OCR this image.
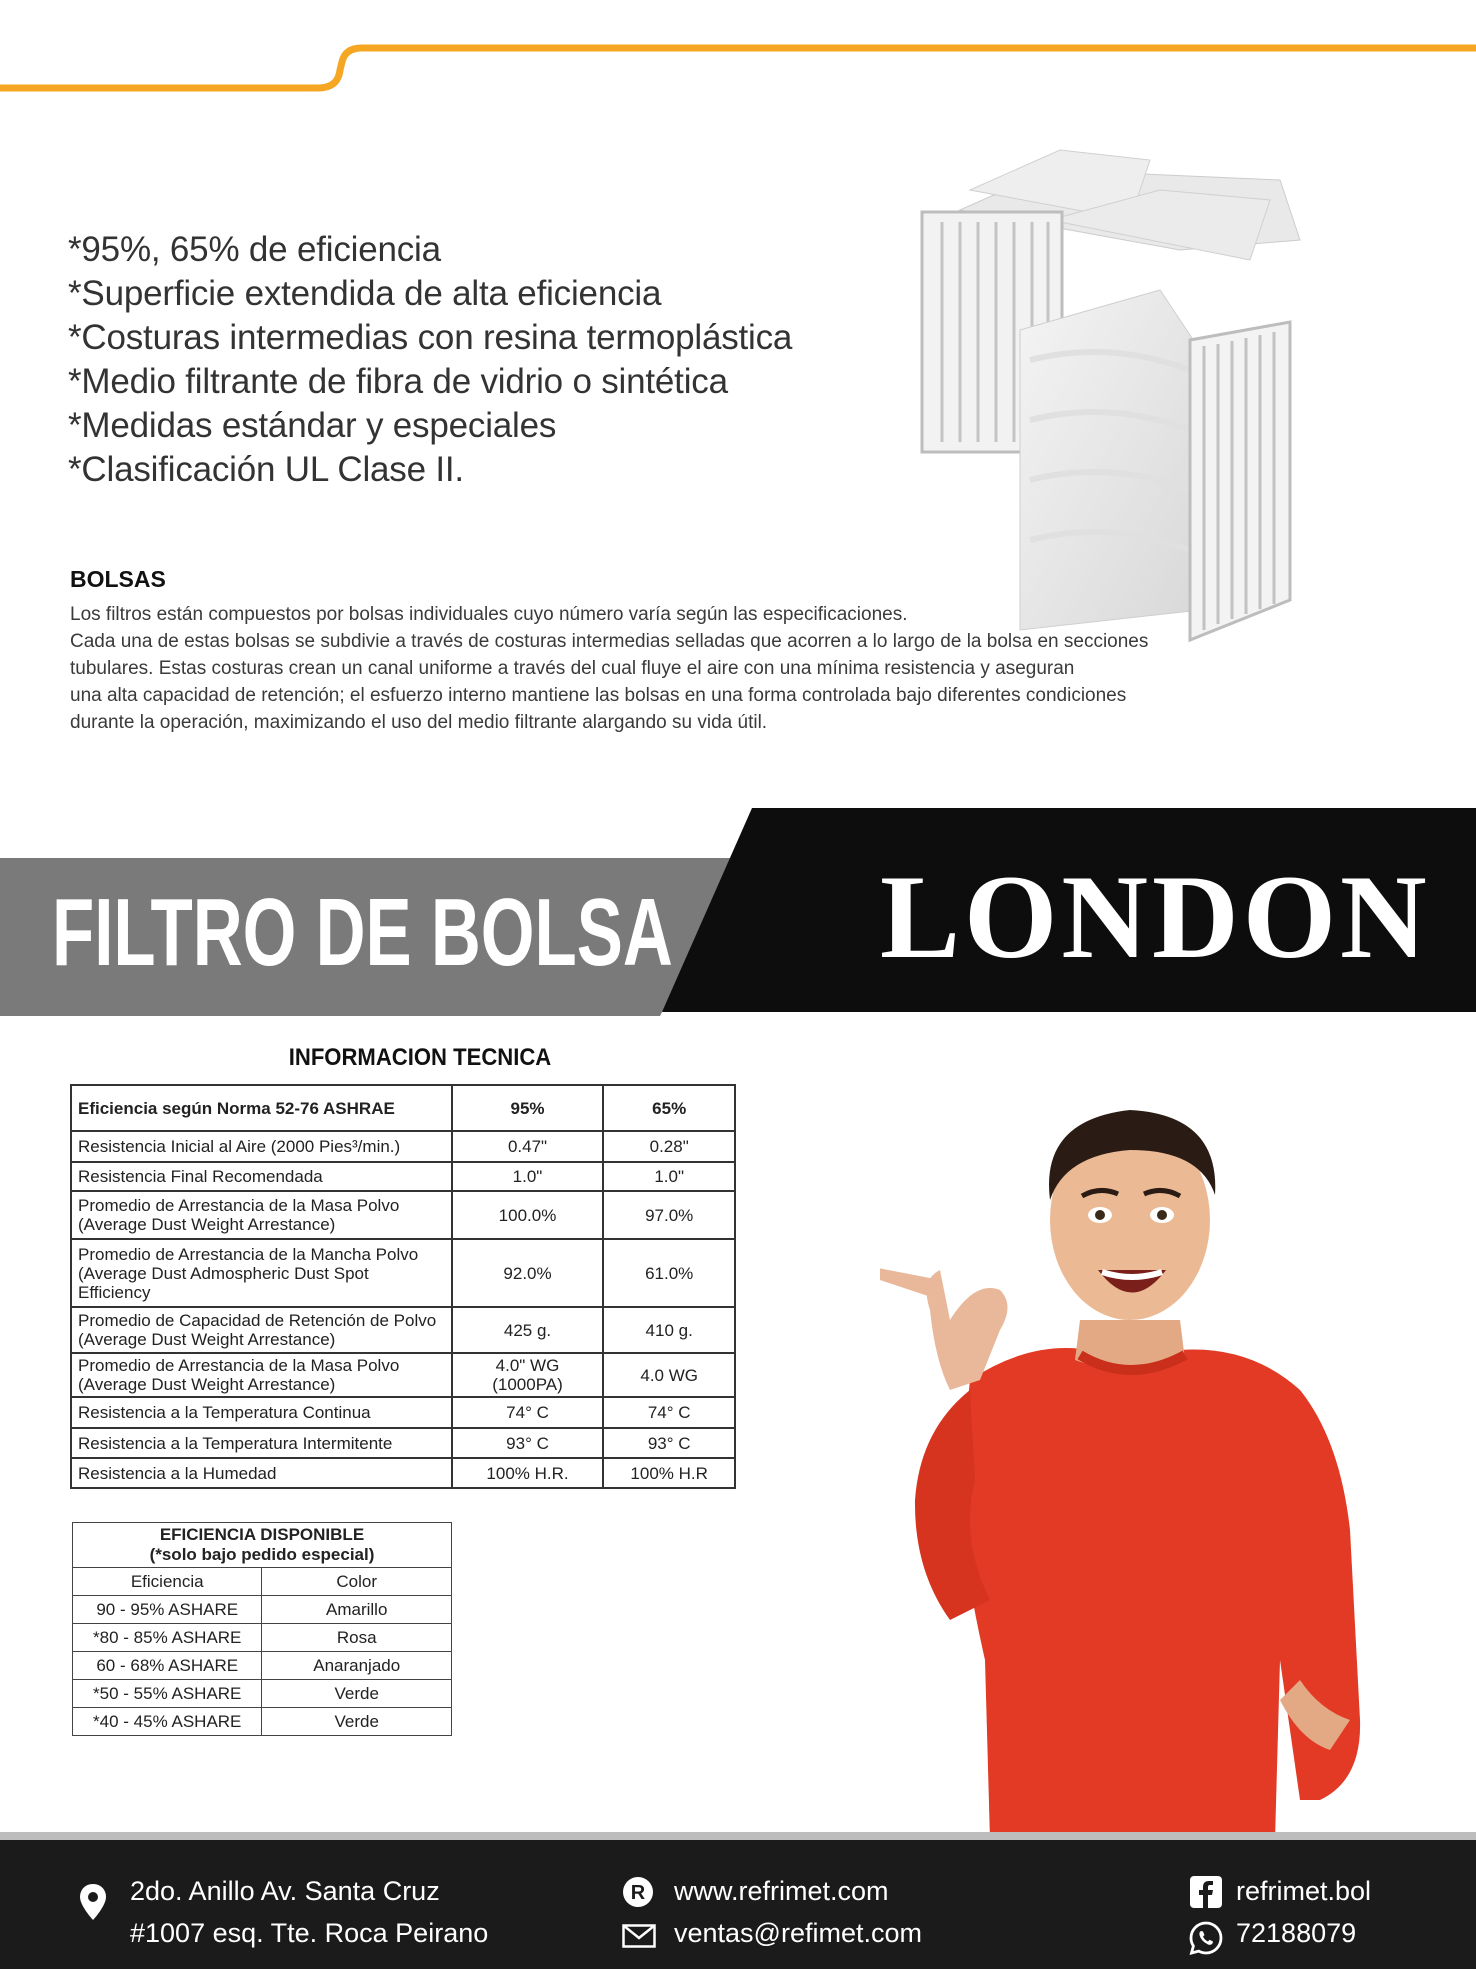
*95%, 65% de eficiencia
*Superficie extendida de alta eficiencia
*Costuras intermedias con resina termoplástica
*Medio filtrante de fibra de vidrio o sintética
*Medidas estándar y especiales
*Clasificación UL Clase II.
BOLSAS

Los filtros están compuestos por bolsas individuales cuyo número varía según las especificaciones.

Cada una de estas bolsas se subdivie a través de costuras intermedias selladas que acorren a lo largo de la bolsa en secciones

tubulares. Estas costuras crean un canal uniforme a través del cual fluye el aire con una mínima resistencia y aseguran

una alta capacidad de retención; el esfuerzo interno mantiene las bolsas en una forma controlada bajo diferentes condiciones

durante la operación, maximizando el uso del medio filtrante alargando su vida útil.

FILTRO DE BOLSA LONDON
INFORMACION TECNICA
Eficiencia según Norma 52-76 ASHRAE	95%	65%
Resistencia Inicial al Aire (2000 Pies³/min.)	0.47"	0.28"
Resistencia Final Recomendada	1.0"	1.0"
Promedio de Arrestancia de la Masa Polvo
(Average Dust Weight Arrestance)	100.0%	97.0%
Promedio de Arrestancia de la Mancha Polvo
(Average Dust Admospheric Dust Spot
Efficiency	92.0%	61.0%
Promedio de Capacidad de Retención de Polvo
(Average Dust Weight Arrestance)	425 g.	410 g.
Promedio de Arrestancia de la Masa Polvo
(Average Dust Weight Arrestance)	4.0" WG (1000PA)	4.0 WG
Resistencia a la Temperatura Continua	74° C	74° C
Resistencia a la Temperatura Intermitente	93° C	93° C
Resistencia a la Humedad	100% H.R.	100% H.R
EFICIENCIA DISPONIBLE
(*solo bajo pedido especial)	

Eficiencia	Color
90 - 95% ASHARE	Amarillo
*80 - 85% ASHARE	Rosa
60 - 68% ASHARE	Anaranjado
*50 - 55% ASHARE	Verde
*40 - 45% ASHARE	Verde
2do. Anillo Av. Santa Cruz
#1007 esq. Tte. Roca Peirano
R www.refrimet.com
ventas@refimet.com
refrimet.bol
72188079
